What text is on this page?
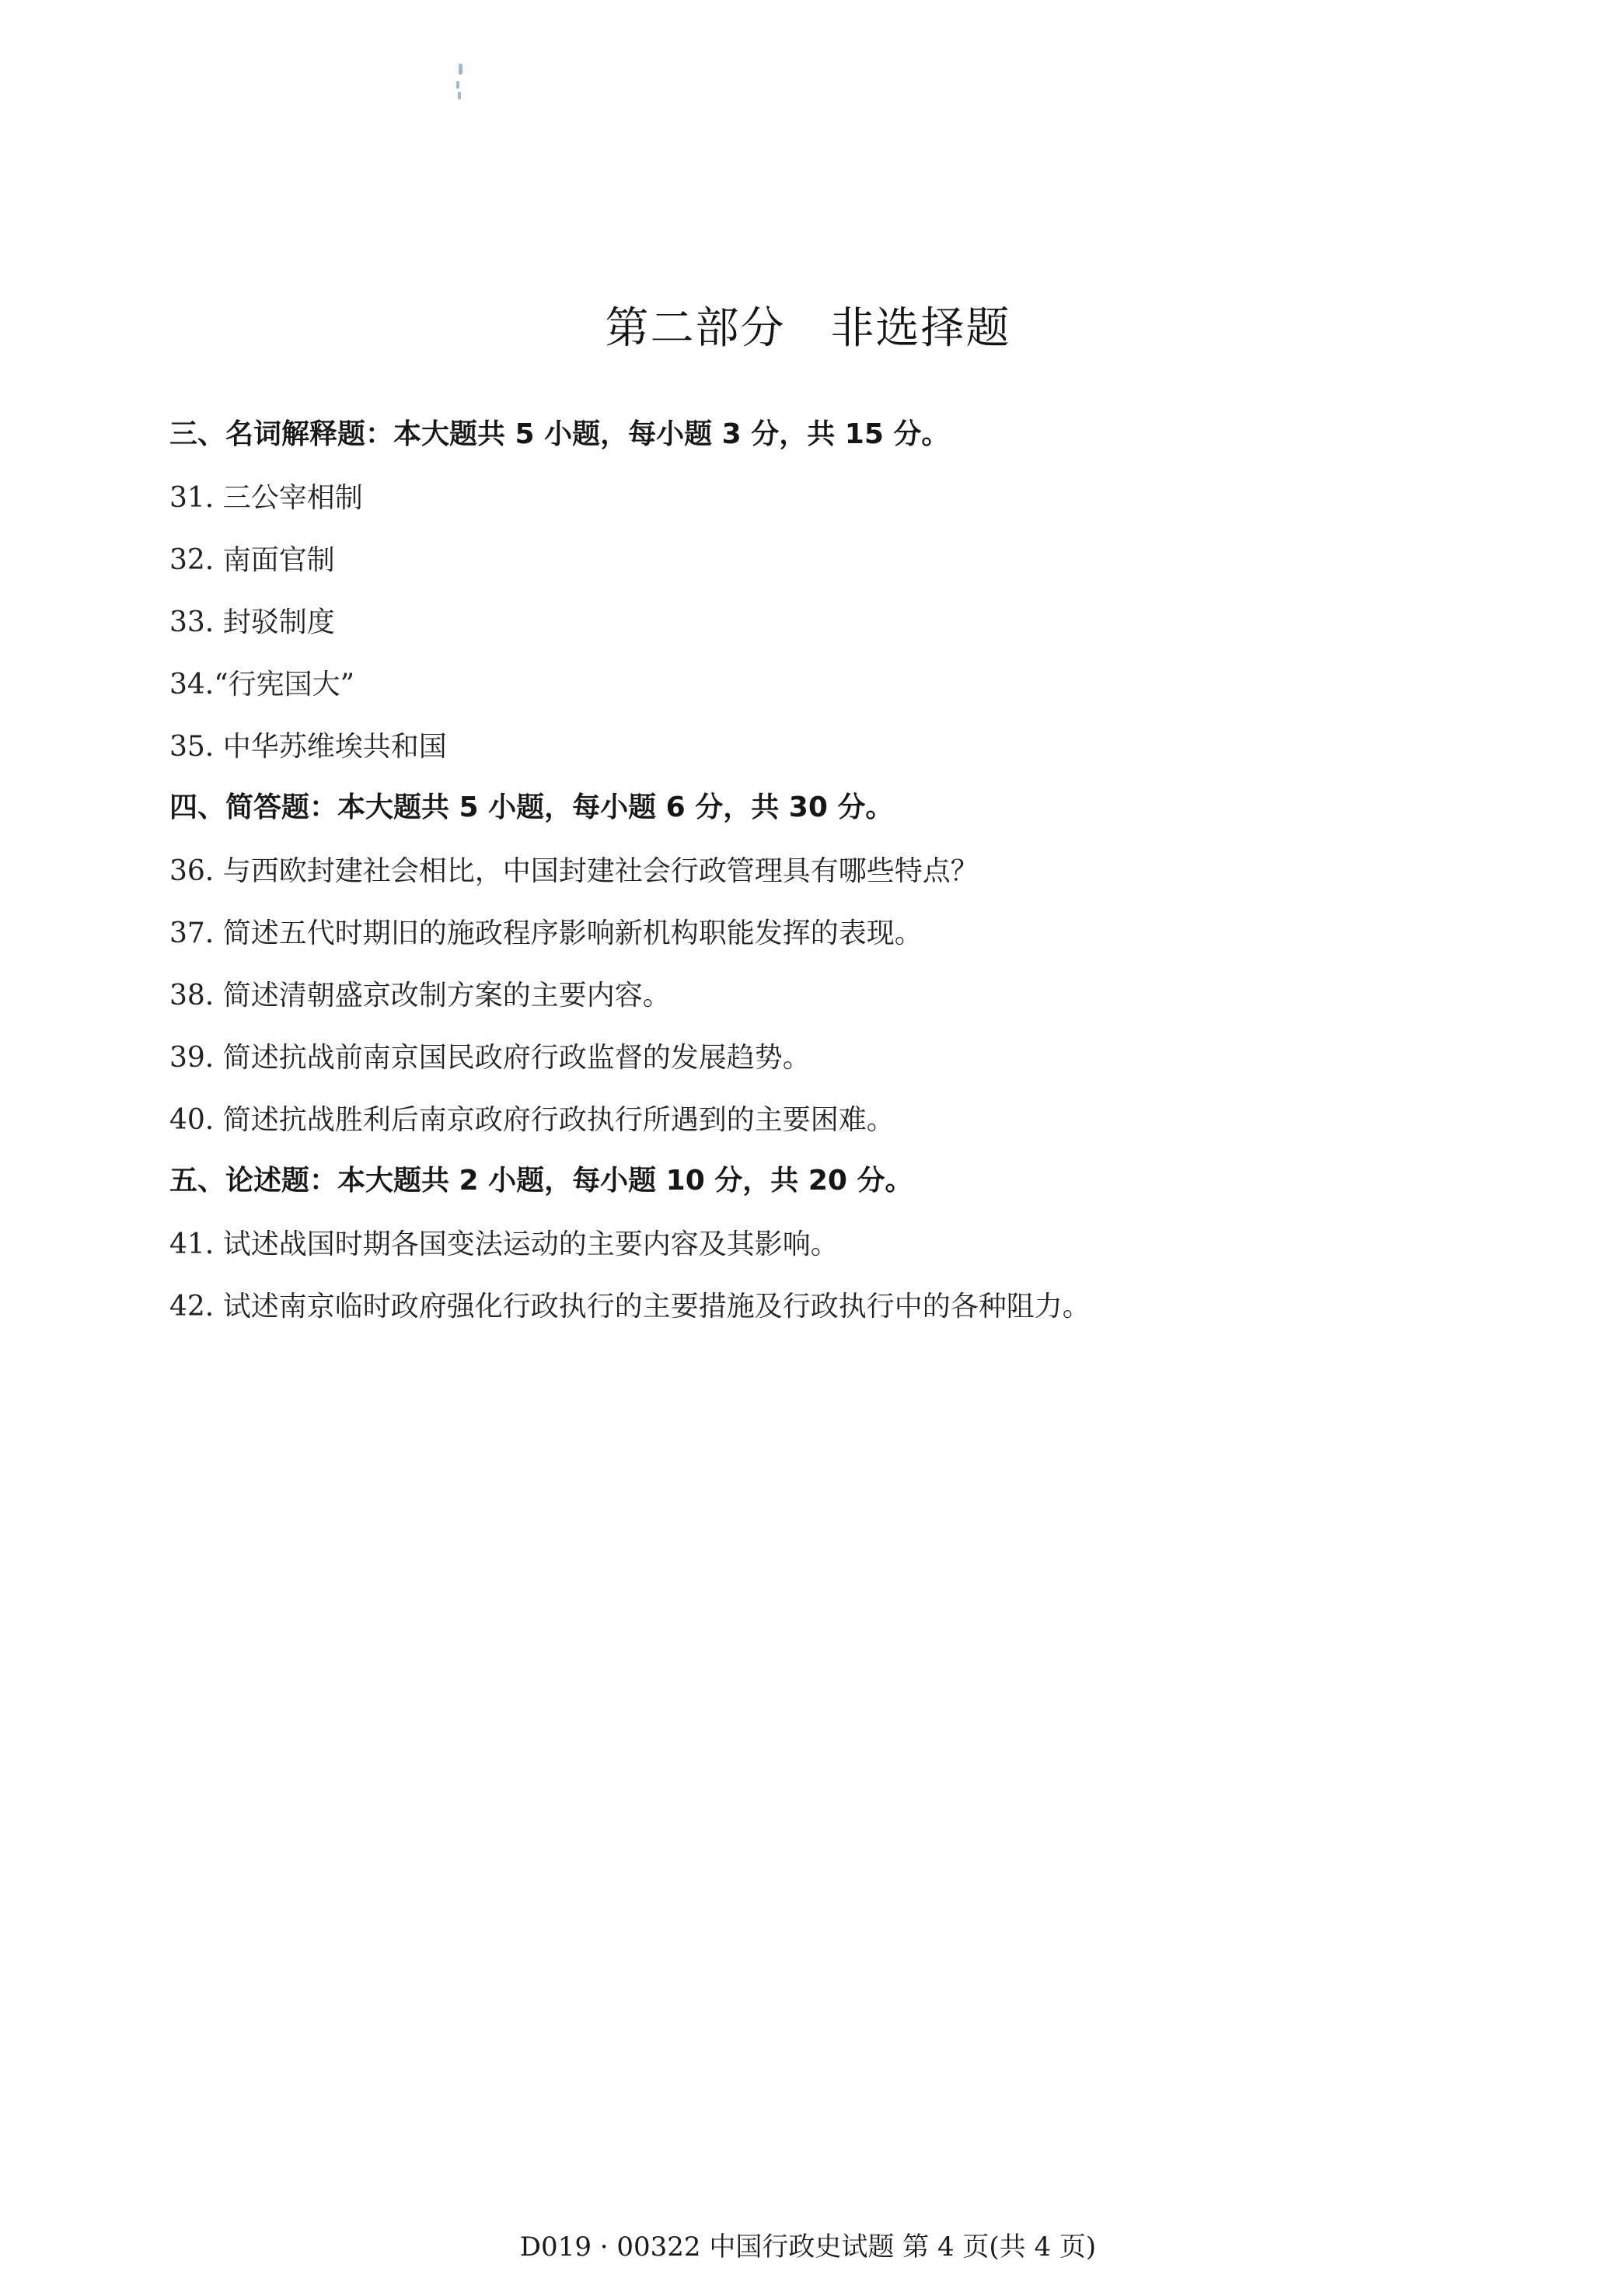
第二部分　非选择题
三、名词解释题：本大题共 5 小题，每小题 3 分，共 15 分。
31. 三公宰相制
32. 南面官制
33. 封驳制度
34.“行宪国大”
35. 中华苏维埃共和国
四、简答题：本大题共 5 小题，每小题 6 分，共 30 分。
36. 与西欧封建社会相比，中国封建社会行政管理具有哪些特点？
37. 简述五代时期旧的施政程序影响新机构职能发挥的表现。
38. 简述清朝盛京改制方案的主要内容。
39. 简述抗战前南京国民政府行政监督的发展趋势。
40. 简述抗战胜利后南京政府行政执行所遇到的主要困难。
五、论述题：本大题共 2 小题，每小题 10 分，共 20 分。
41. 试述战国时期各国变法运动的主要内容及其影响。
42. 试述南京临时政府强化行政执行的主要措施及行政执行中的各种阻力。
D019 · 00322 中国行政史试题 第 4 页(共 4 页)
